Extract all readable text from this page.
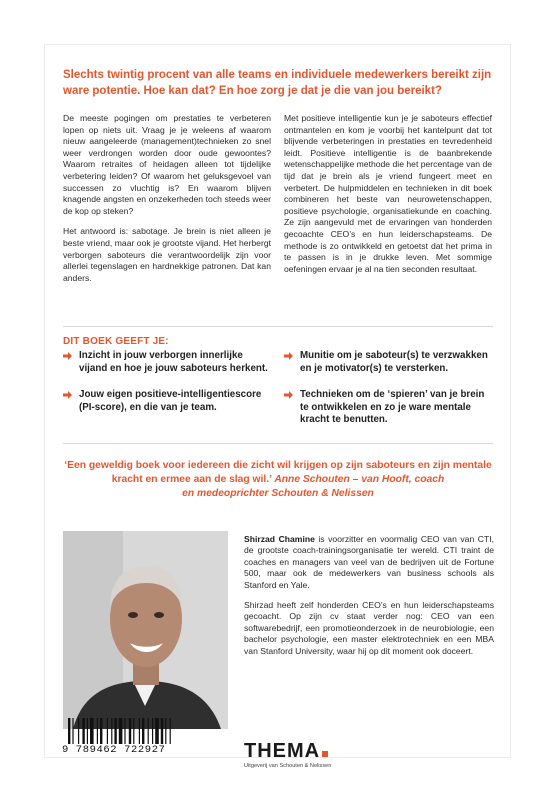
Slechts twintig procent van alle teams en individuele medewerkers bereikt zijn ware potentie. Hoe kan dat? En hoe zorg je dat je die van jou bereikt?

De meeste pogingen om prestaties te verbeteren lopen op niets uit. Vraag je je weleens af waarom nieuw aangeleerde (management)technieken zo snel weer verdrongen worden door oude gewoontes? Waarom retraites of heidagen alleen tot tijdelijke verbetering leiden? Of waarom het geluksgevoel van successen zo vluchtig is? En waarom blijven knagende angsten en onzekerheden toch steeds weer de kop op steken?

Het antwoord is: sabotage. Je brein is niet alleen je beste vriend, maar ook je grootste vijand. Het herbergt verborgen saboteurs die verantwoordelijk zijn voor allerlei tegenslagen en hardnekkige patronen. Dat kan anders.

Met positieve intelligentie kun je je saboteurs effectief ontmantelen en kom je voorbij het kantelpunt dat tot blijvende verbeteringen in prestaties en tevredenheid leidt. Positieve intelligentie is de baanbrekende wetenschappelijke methode die het percentage van de tijd dat je brein als je vriend fungeert meet en verbetert. De hulpmiddelen en technieken in dit boek combineren het beste van neurowetenschappen, positieve psychologie, organisatiekunde en coaching. Ze zijn aangevuld met de ervaringen van honderden gecoachte CEO’s en hun leiderschapsteams. De methode is zo ontwikkeld en getoetst dat het prima in te passen is in je drukke leven. Met sommige oefeningen ervaar je al na tien seconden resultaat.

DIT BOEK GEEFT JE:
Inzicht in jouw verborgen innerlijke vijand en hoe je jouw saboteurs herkent.
Jouw eigen positieve-intelligentiescore (PI-score), en die van je team.
Munitie om je saboteur(s) te verzwakken en je motivator(s) te versterken.
Technieken om de ‘spieren’ van je brein te ontwikkelen en zo je ware mentale kracht te benutten.
‘Een geweldig boek voor iedereen die zicht wil krijgen op zijn saboteurs en zijn mentale kracht en ermee aan de slag wil.’ Anne Schouten – van Hooft, coach
en medeoprichter Schouten & Nelissen

Shirzad Chamine is voorzitter en voormalig CEO van van CTI, de grootste coach-trainingsorganisatie ter wereld. CTI traint de coaches en managers van veel van de bedrijven uit de Fortune 500, maar ook de medewerkers van business schools als Stanford en Yale.

Shirzad heeft zelf honderden CEO’s en hun leiderschapsteams gecoacht. Op zijn cv staat verder nog: CEO van een softwarebedrijf, een promotieonderzoek in de neurobiologie, een bachelor psychologie, een master elektrotechniek en een MBA van Stanford University, waar hij op dit moment ook doceert.

9 789462 722927	THEMA
Uitgeverij van Schouten & Nelissen
